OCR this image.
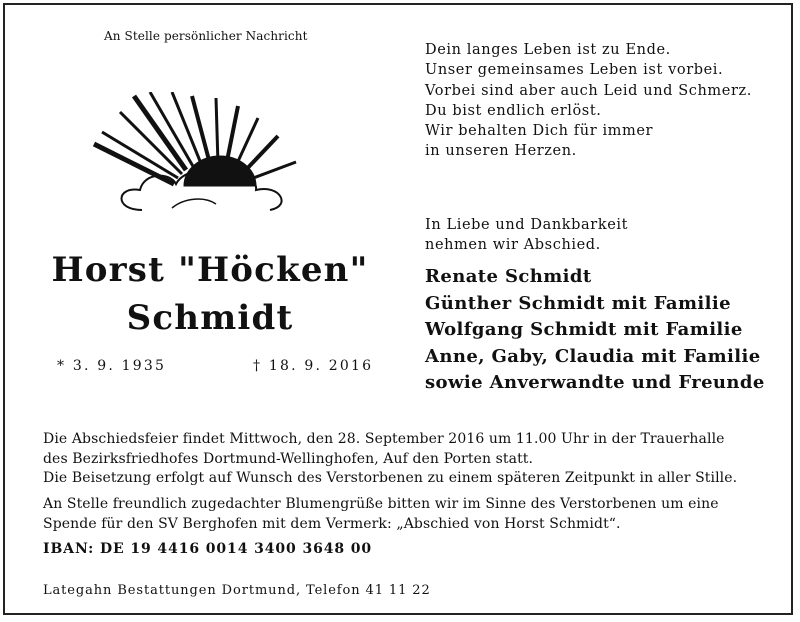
An Stelle persönlicher Nachricht
Dein langes Leben ist zu Ende.
Unser gemeinsames Leben ist vorbei.
Vorbei sind aber auch Leid und Schmerz.
Du bist endlich erlöst.
Wir behalten Dich für immer
in unseren Herzen.
In Liebe und Dankbarkeit
nehmen wir Abschied.
Horst "Höcken"
Schmidt
* 3. 9. 1935	† 18. 9. 2016
Renate Schmidt
Günther Schmidt mit Familie
Wolfgang Schmidt mit Familie
Anne, Gaby, Claudia mit Familie
sowie Anverwandte und Freunde
Die Abschiedsfeier findet Mittwoch, den 28. September 2016 um 11.00 Uhr in der Trauerhalle
des Bezirksfriedhofes Dortmund-Wellinghofen, Auf den Porten statt.
Die Beisetzung erfolgt auf Wunsch des Verstorbenen zu einem späteren Zeitpunkt in aller Stille.
An Stelle freundlich zugedachter Blumengrüße bitten wir im Sinne des Verstorbenen um eine
Spende für den SV Berghofen mit dem Vermerk: „Abschied von Horst Schmidt“.
IBAN: DE 19 4416 0014 3400 3648 00
Lategahn Bestattungen Dortmund, Telefon 41 11 22
